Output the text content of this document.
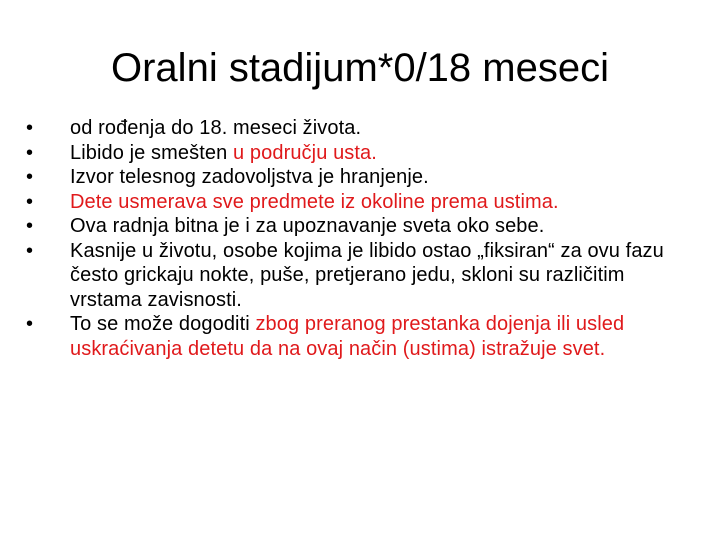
Oralni stadijum*0/18 meseci
•	od rođenja do 18. meseci života.
•	Libido je smešten u području usta.
•	Izvor telesnog zadovoljstva je hranjenje.
•	Dete usmerava sve predmete iz okoline prema ustima.
•	Ova radnja bitna je i za upoznavanje sveta oko sebe.
•	Kasnije u životu, osobe kojima je libido ostao „fiksiran“ za ovu fazu često grickaju nokte, puše, pretjerano jedu, skloni su različitim vrstama zavisnosti.
•	To se može dogoditi zbog preranog prestanka dojenja ili usled uskraćivanja detetu da na ovaj način (ustima) istražuje svet.
